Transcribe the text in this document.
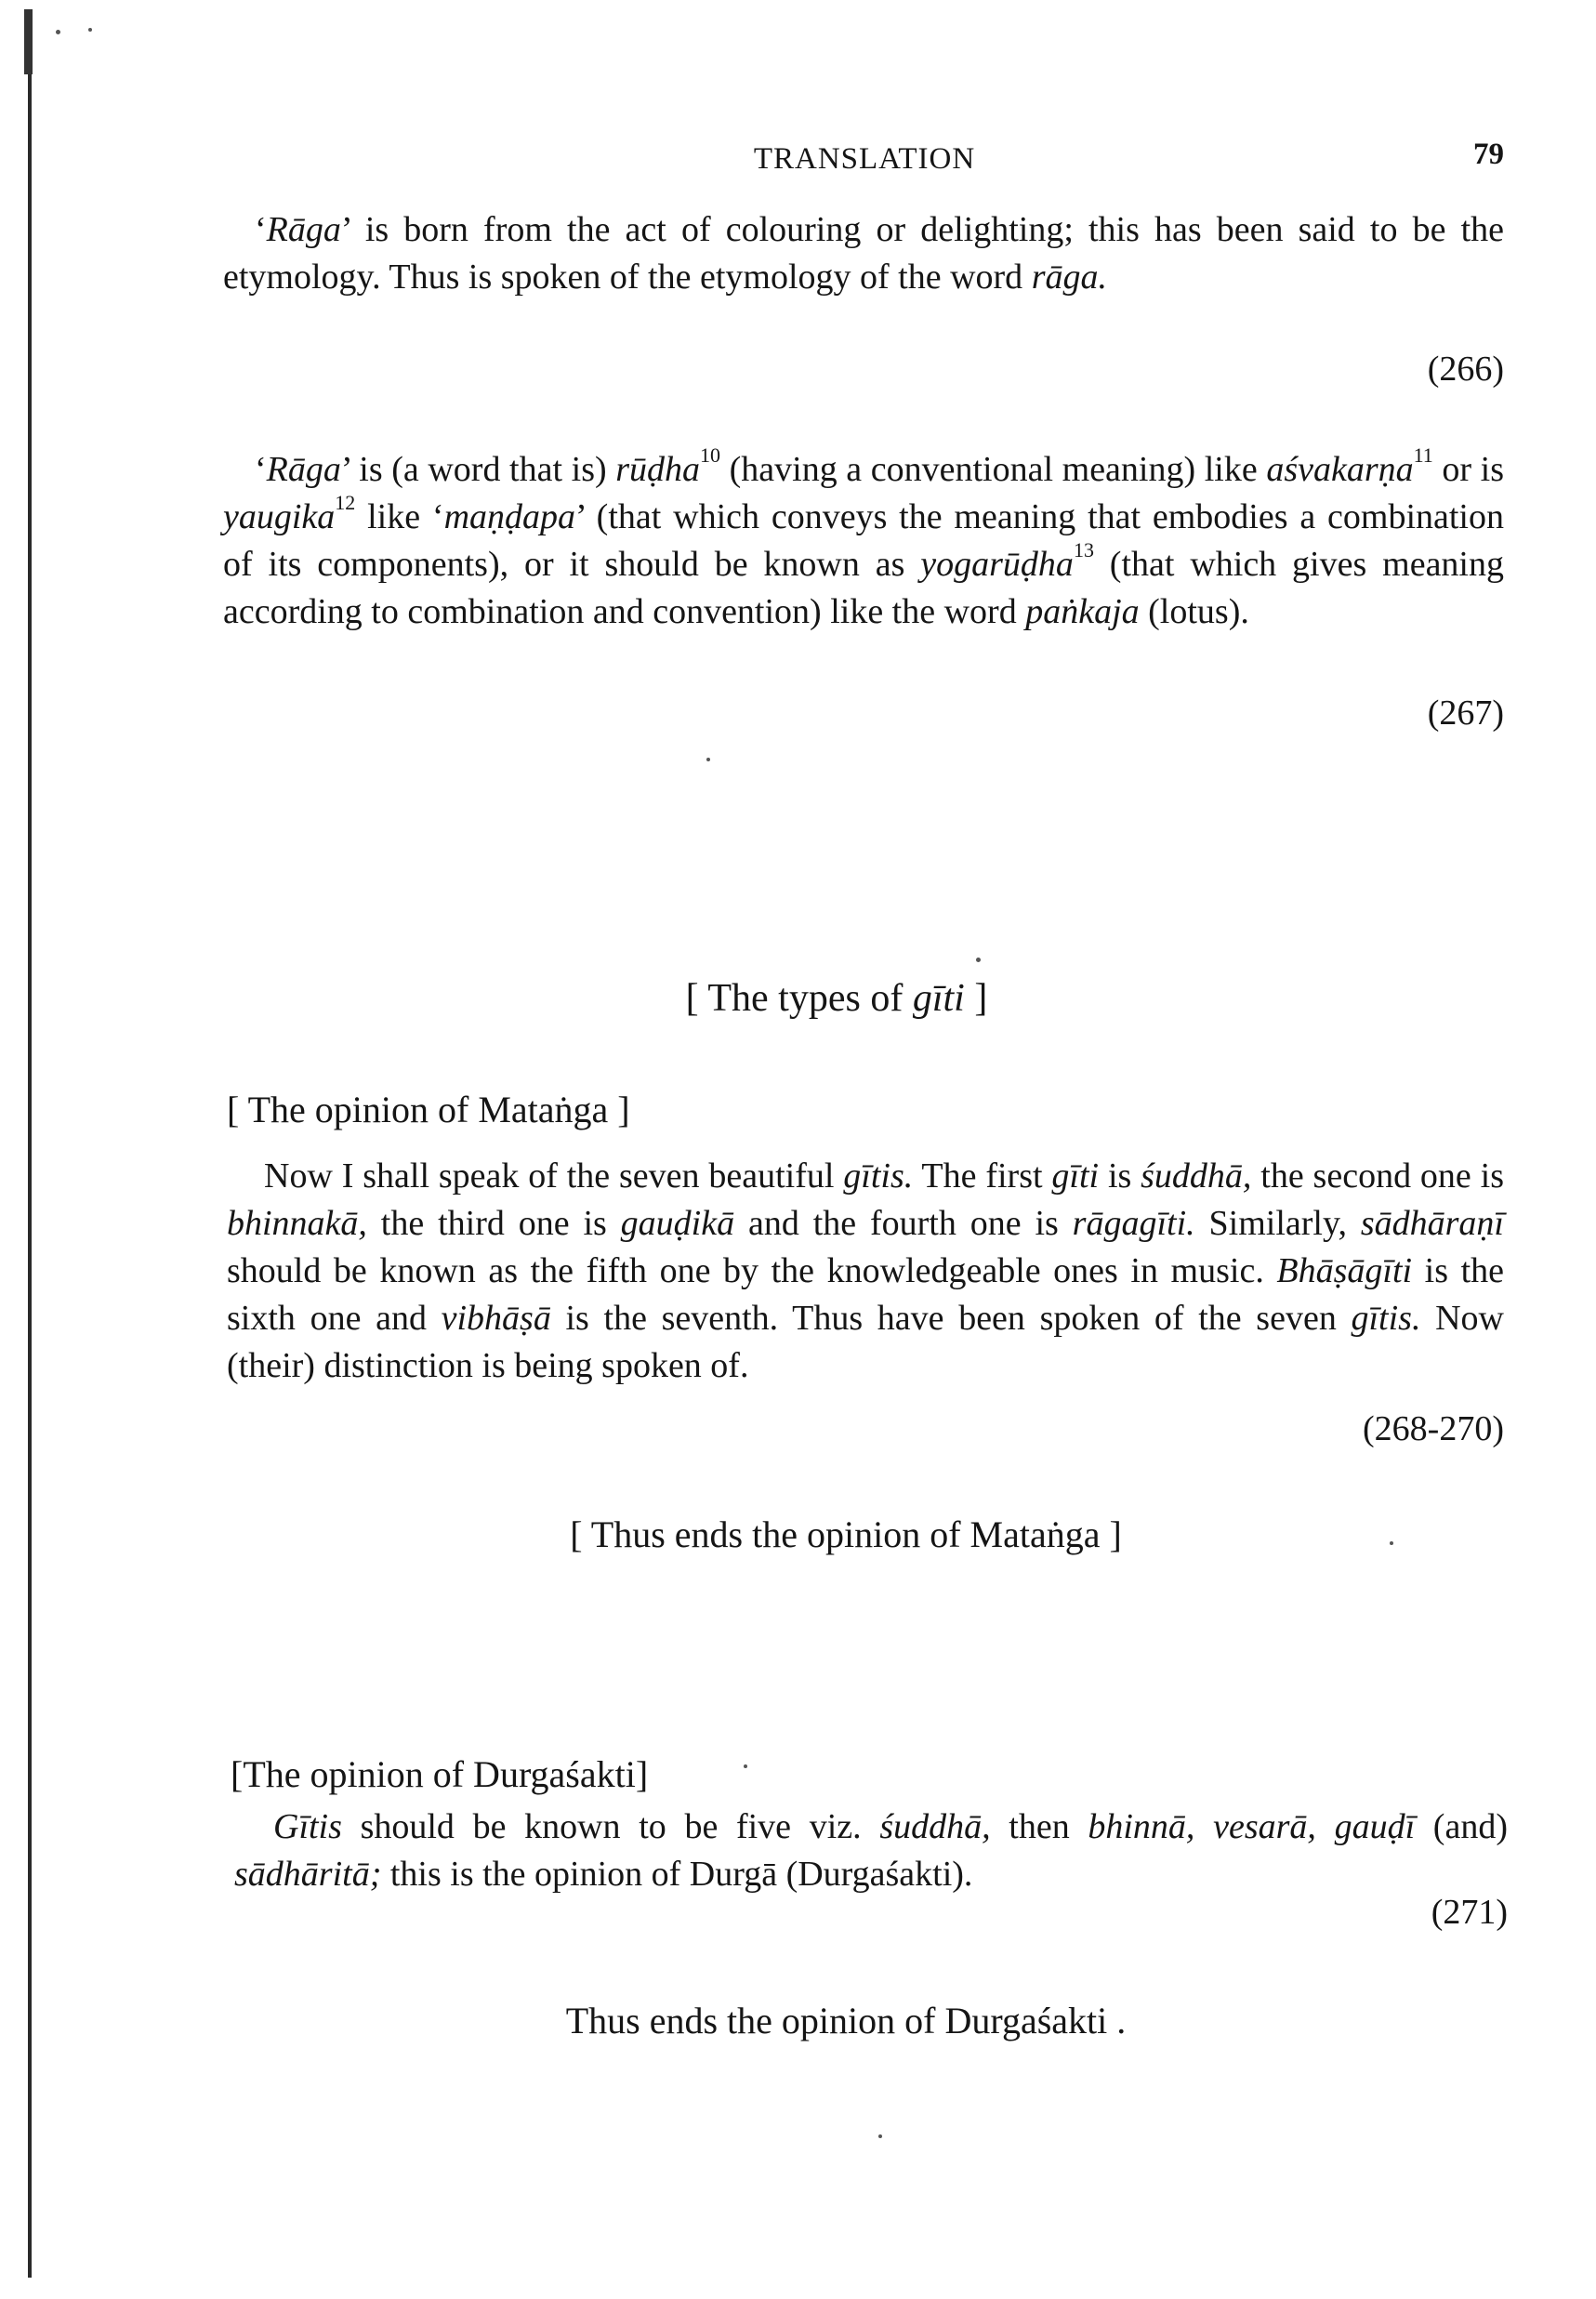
TRANSLATION	79

‘Rāga’ is born from the act of colouring or delighting; this has been said to be the etymology. Thus is spoken of the etymology of the word rāga.

(266)

‘Rāga’ is (a word that is) rūḍha$^{10}$ (having a conventional meaning) like aśvakarṇa$^{11}$ or is yaugika$^{12}$ like ‘maṇḍapa’ (that which conveys the meaning that embodies a combination of its components), or it should be known as yogarūḍha$^{13}$ (that which gives meaning according to combination and convention) like the word paṅkaja (lotus).

(267)
[ The types of gīti ]
[ The opinion of Mataṅga ]

Now I shall speak of the seven beautiful gītis. The first gīti is śuddhā, the second one is bhinnakā, the third one is gauḍikā and the fourth one is rāgagīti. Similarly, sādhāraṇī should be known as the fifth one by the knowledgeable ones in music. Bhāṣāgīti is the sixth one and vibhāṣā is the seventh. Thus have been spoken of the seven gītis. Now (their) distinction is being spoken of.

(268-270)
[ Thus ends the opinion of Mataṅga ]
[The opinion of Durgaśakti]

Gītis should be known to be five viz. śuddhā, then bhinnā, vesarā, gauḍī (and) sādhāritā; this is the opinion of Durgā (Durgaśakti).

(271)
Thus ends the opinion of Durgaśakti .
